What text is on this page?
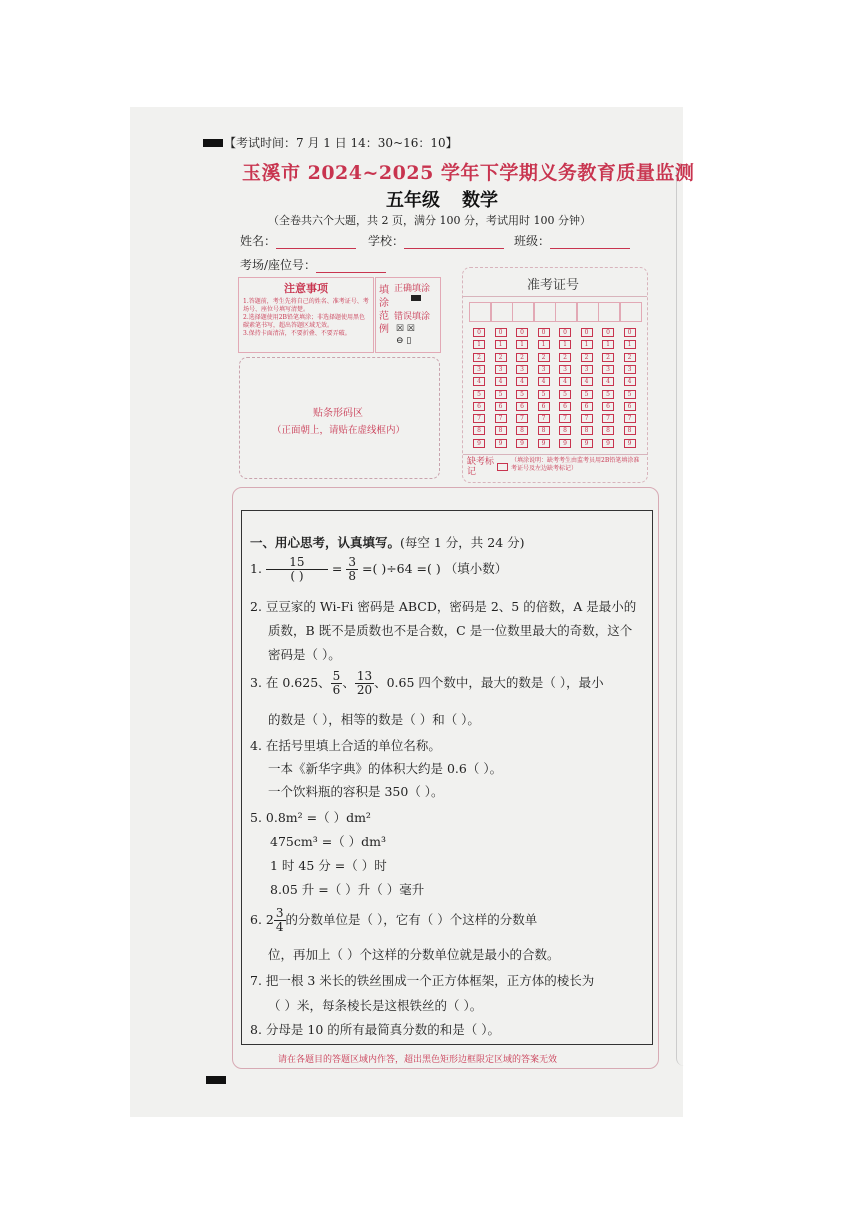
【考试时间：7 月 1 日 14：30~16：10】
玉溪市 2024~2025 学年下学期义务教育质量监测
五年级 数学
（全卷共六个大题，共 2 页，满分 100 分，考试用时 100 分钟）
姓名：	学校：	班级：
考场/座位号：
注意事项
1.答题前，考生先将自己的姓名、准考证号、考场号、座位号填写清楚。
2.选择题使用2B铅笔填涂；非选择题使用黑色碳素笔书写，超出答题区域无效。
3.保持卡面清洁，不要折叠、不要弄破。
填
涂
范
例
正确填涂
错误填涂
☒ ☒
⊖ ▯
贴条形码区
（正面朝上，请贴在虚线框内）
准考证号
0
1
2
3
4
5
6
7
8
9
0
1
2
3
4
5
6
7
8
9
0
1
2
3
4
5
6
7
8
9
0
1
2
3
4
5
6
7
8
9
0
1
2
3
4
5
6
7
8
9
0
1
2
3
4
5
6
7
8
9
0
1
2
3
4
5
6
7
8
9
0
1
2
3
4
5
6
7
8
9
缺考标记
（填涂说明：缺考考生由监考员用2B铅笔填涂准考证号及左边缺考标记）
一、用心思考，认真填写。(每空 1 分，共 24 分)
1. $\frac{15}{( )} = \frac{3}{8}$ =( )÷64 =( ) （填小数）
2. 豆豆家的 Wi-Fi 密码是 ABCD，密码是 2、5 的倍数，A 是最小的
质数，B 既不是质数也不是合数，C 是一位数里最大的奇数，这个
密码是（ ）。
3. 在 0.625、 $\frac{5}{6}$ 、 $\frac{13}{20}$ 、0.65 四个数中，最大的数是（ ），最小
的数是（ ），相等的数是（ ）和（ ）。
4. 在括号里填上合适的单位名称。
一本《新华字典》的体积大约是 0.6（ ）。
一个饮料瓶的容积是 350（ ）。
5. 0.8m² =（ ）dm²
475cm³ =（ ）dm³
1 时 45 分 =（ ）时
8.05 升 =（ ）升（ ）毫升
6. $2 \frac{3}{4}$ 的分数单位是（ ），它有（ ）个这样的分数单
位，再加上（ ）个这样的分数单位就是最小的合数。
7. 把一根 3 米长的铁丝围成一个正方体框架，正方体的棱长为
（ ）米，每条棱长是这根铁丝的（ ）。
8. 分母是 10 的所有最简真分数的和是（ ）。
请在各题目的答题区域内作答，超出黑色矩形边框限定区域的答案无效
